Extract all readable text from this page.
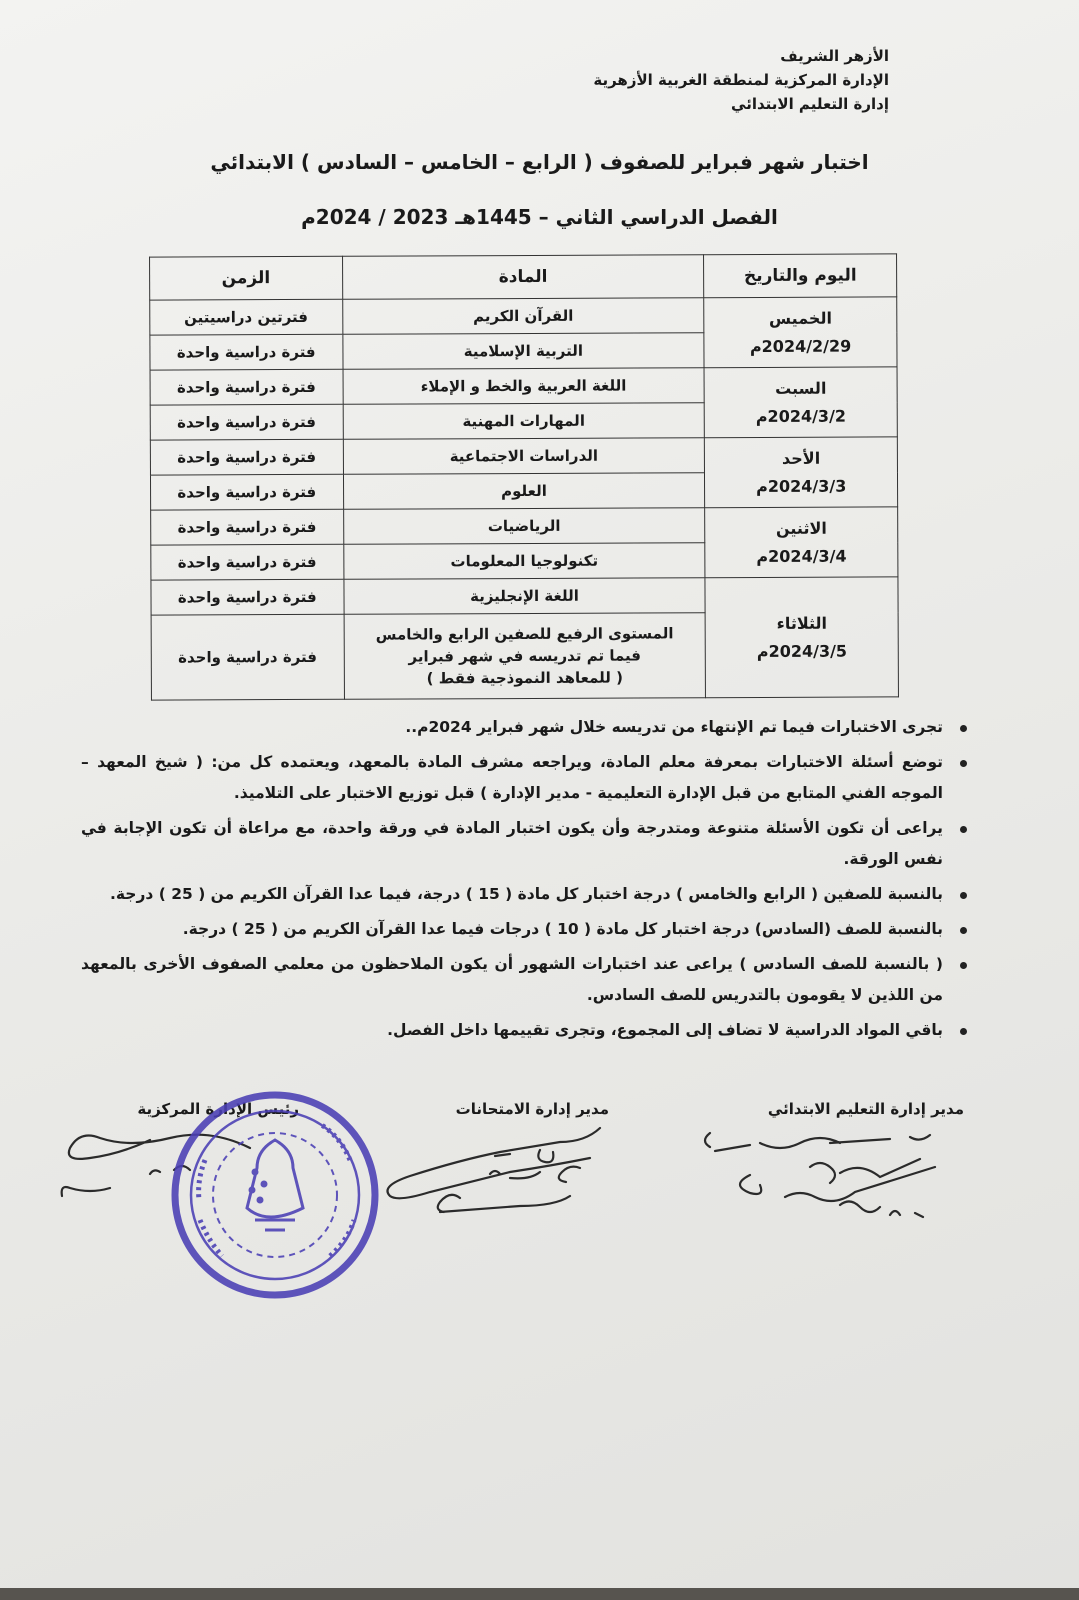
الأزهر الشريف
الإدارة المركزية لمنطقة الغربية الأزهرية
إدارة التعليم الابتدائي
اختبار شهر فبراير للصفوف ( الرابع – الخامس – السادس ) الابتدائي
الفصل الدراسي الثاني – 1445هـ 2023 / 2024م
اليوم والتاريخ	المادة	الزمن

الخميس
2024/2/29م	القرآن الكريم	فترتين دراسيتين
	التربية الإسلامية	فترة دراسية واحدة

السبت
2024/3/2م	اللغة العربية والخط و الإملاء	فترة دراسية واحدة
	المهارات المهنية	فترة دراسية واحدة

الأحد
2024/3/3م	الدراسات الاجتماعية	فترة دراسية واحدة
	العلوم	فترة دراسية واحدة

الاثنين
2024/3/4م	الرياضيات	فترة دراسية واحدة
	تكنولوجيا المعلومات	فترة دراسية واحدة

الثلاثاء
2024/3/5م	اللغة الإنجليزية	فترة دراسية واحدة

	المستوى الرفيع للصفين الرابع والخامس
فيما تم تدريسه في شهر فبراير
( للمعاهد النموذجية فقط )	فترة دراسية واحدة
تجرى الاختبارات فيما تم الإنتهاء من تدريسه خلال شهر فبراير 2024م..
توضع أسئلة الاختبارات بمعرفة معلم المادة، ويراجعه مشرف المادة بالمعهد، ويعتمده كل من: ( شيخ المعهد – الموجه الفني المتابع من قبل الإدارة التعليمية - مدير الإدارة ) قبل توزيع الاختبار على التلاميذ.
يراعى أن تكون الأسئلة متنوعة ومتدرجة وأن يكون اختبار المادة في ورقة واحدة، مع مراعاة أن تكون الإجابة في نفس الورقة.
بالنسبة للصفين ( الرابع والخامس ) درجة اختبار كل مادة ( 15 ) درجة، فيما عدا القرآن الكريم من ( 25 ) درجة.
بالنسبة للصف (السادس) درجة اختبار كل مادة ( 10 ) درجات فيما عدا القرآن الكريم من ( 25 ) درجة.
( بالنسبة للصف السادس ) يراعى عند اختبارات الشهور أن يكون الملاحظون من معلمي الصفوف الأخرى بالمعهد من اللذين لا يقومون بالتدريس للصف السادس.
باقي المواد الدراسية لا تضاف إلى المجموع، وتجرى تقييمها داخل الفصل.
مدير إدارة التعليم الابتدائي
مدير إدارة الامتحانات
رئيس الإدارة المركزية
